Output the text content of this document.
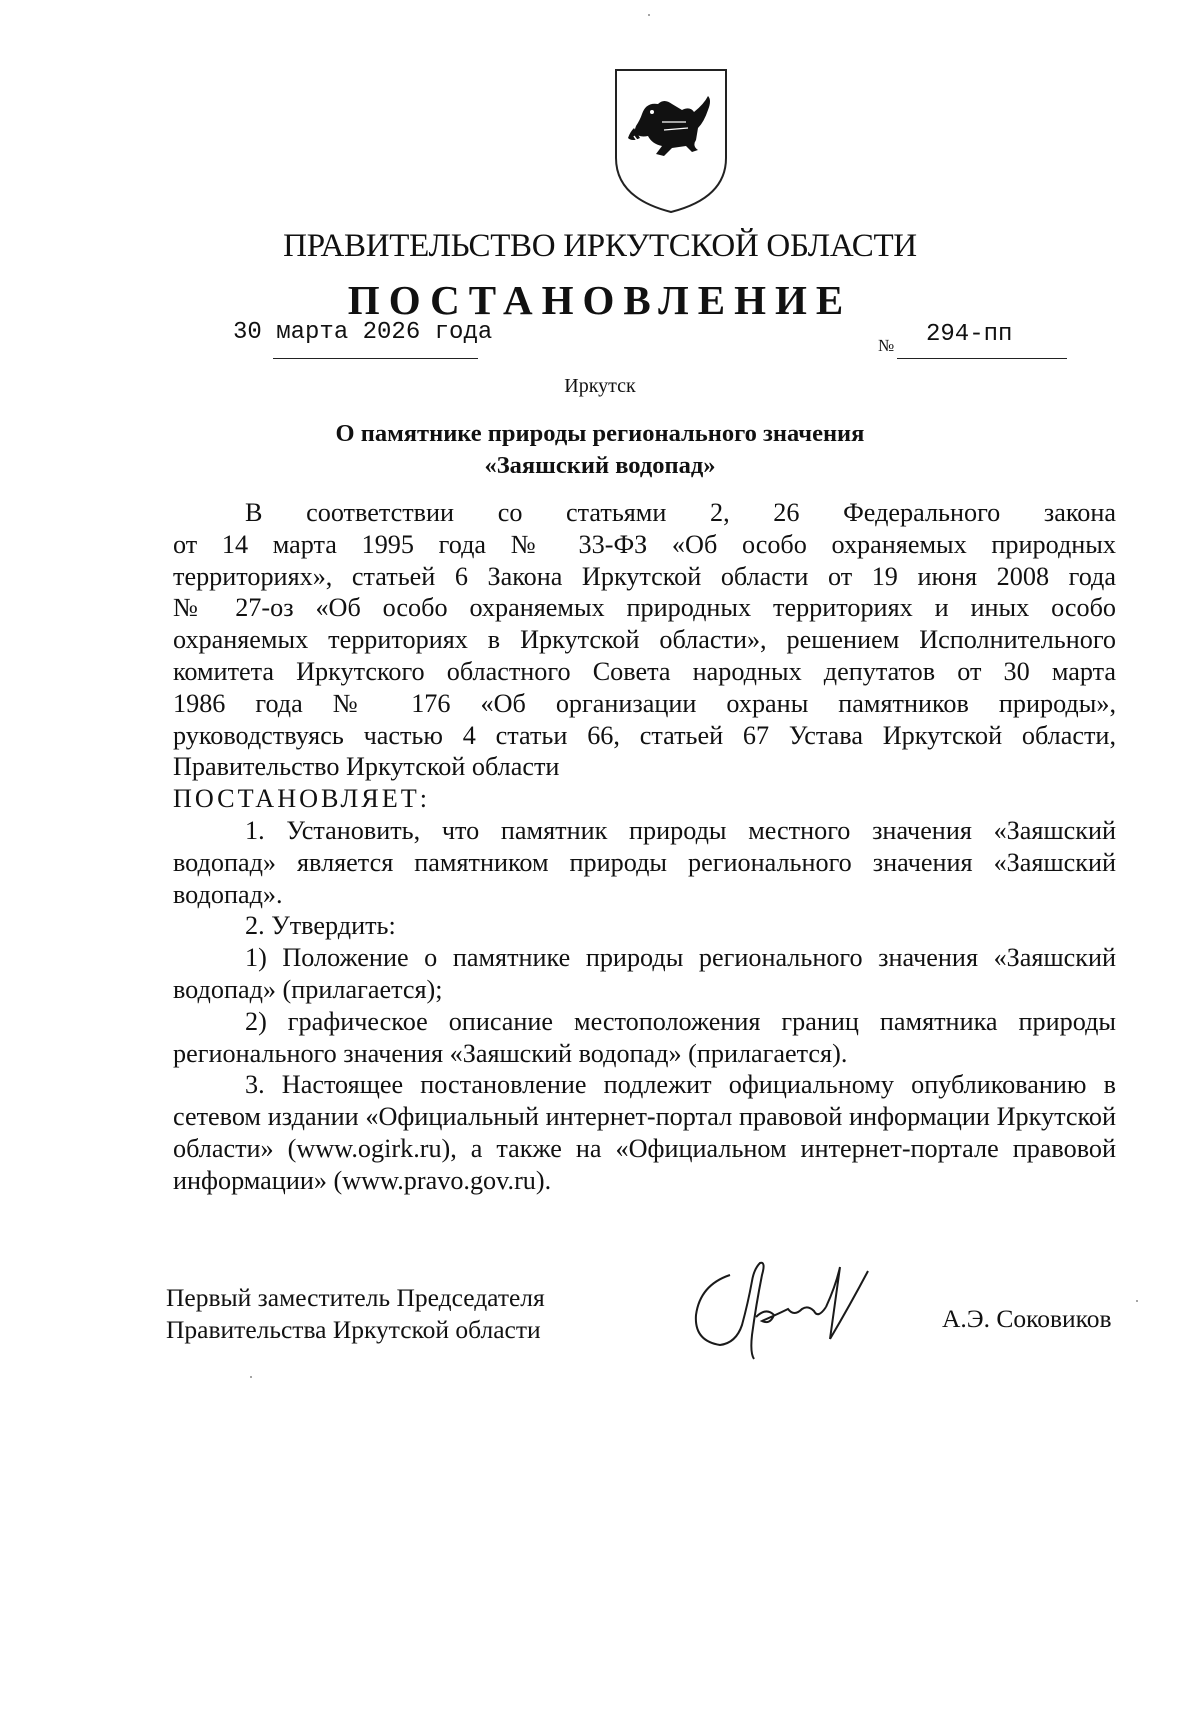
ПРАВИТЕЛЬСТВО ИРКУТСКОЙ ОБЛАСТИ
ПОСТАНОВЛЕНИЕ
30 марта 2026 года	№ 294-пп
Иркутск
О памятнике природы регионального значения
«Заяшский водопад»

В соответствии со статьями 2, 26 Федерального закона

от 14 марта 1995 года № 33-ФЗ «Об особо охраняемых природных

территориях», статьей 6 Закона Иркутской области от 19 июня 2008 года

№ 27-оз «Об особо охраняемых природных территориях и иных особо

охраняемых территориях в Иркутской области», решением Исполнительного

комитета Иркутского областного Совета народных депутатов от 30 марта

1986 года № 176 «Об организации охраны памятников природы»,

руководствуясь частью 4 статьи 66, статьей 67 Устава Иркутской области,

Правительство Иркутской области

ПОСТАНОВЛЯЕТ:

1. Установить, что памятник природы местного значения «Заяшский водопад» является памятником природы регионального значения «Заяшский водопад».

2. Утвердить:

1) Положение о памятнике природы регионального значения «Заяшский водопад» (прилагается);

2) графическое описание местоположения границ памятника природы регионального значения «Заяшский водопад» (прилагается).

3. Настоящее постановление подлежит официальному опубликованию в сетевом издании «Официальный интернет-портал правовой информации Иркутской области» (www.ogirk.ru), а также на «Официальном интернет-портале правовой информации» (www.pravo.gov.ru).

Первый заместитель Председателя
Правительства Иркутской области	А.Э. Соковиков
